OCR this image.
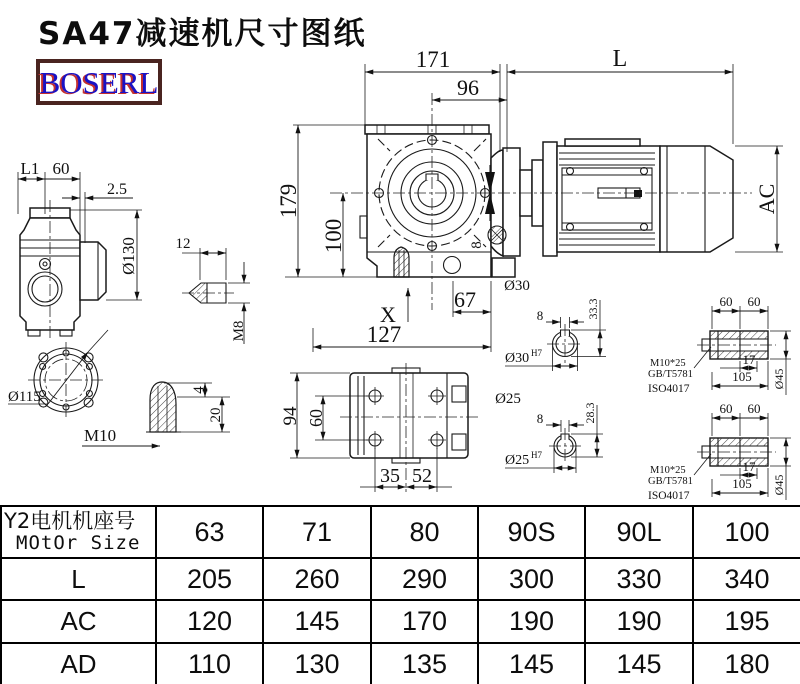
SA47减速机尺寸图纸
BOSERL
8
171	L
96
179
100
X
67
127
Ø30
AC
L1 60
2.5
Ø130
Ø115
M10
4
20
12
M8
94 60
35 52
8	33.3
Ø30 H7
Ø25
8	28.3
Ø25 H7
60 60
17
105 Ø45
M10*25
GB/T5781
ISO4017
60 60
17
105 Ø45
M10*25
GB/T5781
ISO4017
Y2电机机座号
MOtOr Size	63	71	80	90S	90L	100
L	205	260	290	300	330	340
AC	120	145	170	190	190	195
AD	110	130	135	145	145	180
